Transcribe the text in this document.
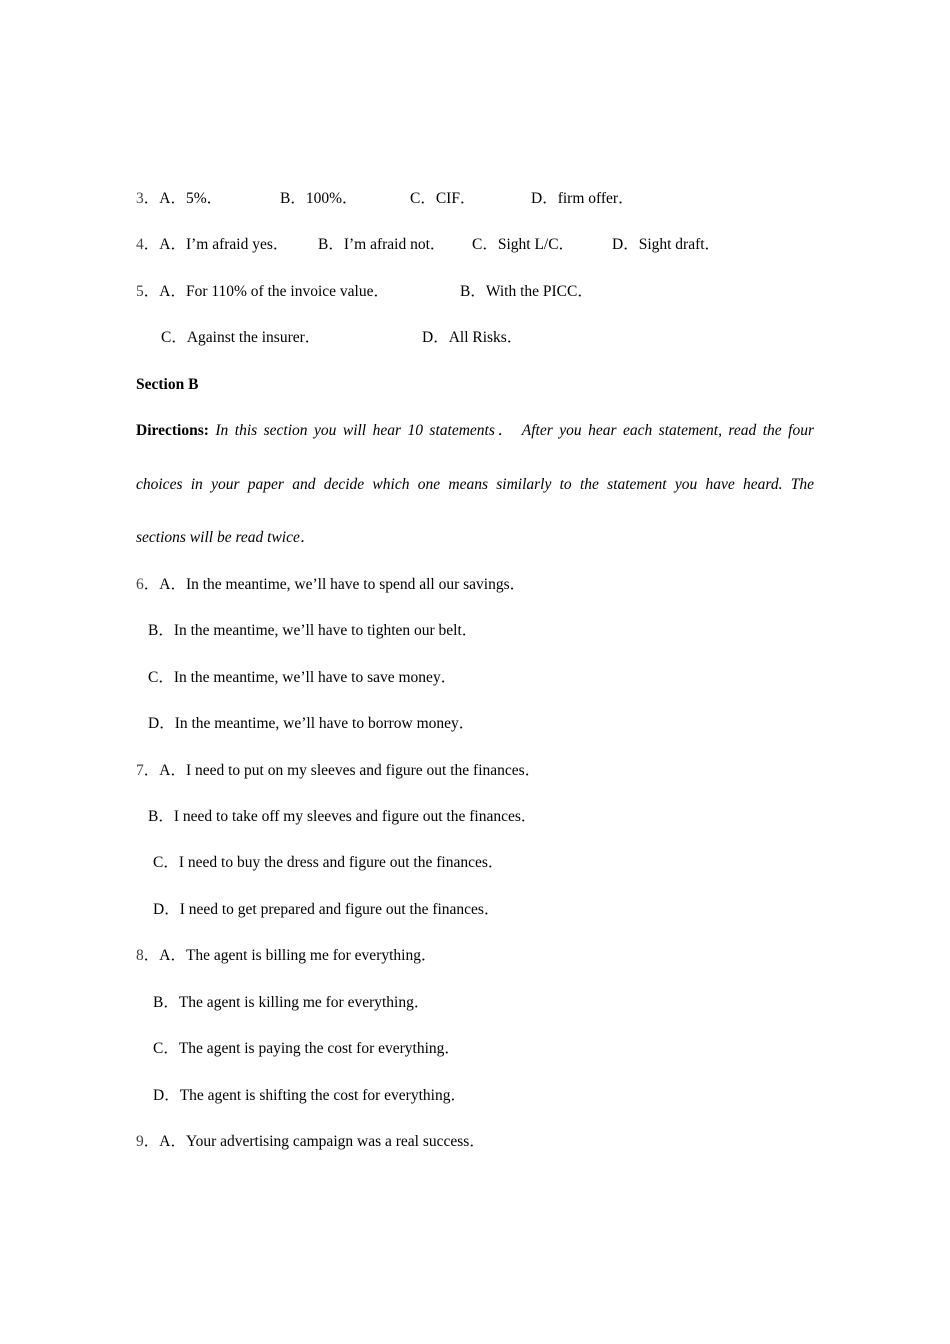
3．A．5%．	B．100%．	C．CIF．	D．firm offer．
4．A．I’m afraid yes． B．I’m afraid not． C．Sight L/C． D．Sight draft．
5．A．For 110% of the invoice value．	B．With the PICC．
C．Against the insurer．	D．All Risks．
Section B
Directions: In this section you will hear 10 statements． After you hear each statement, read the four
choices in your paper and decide which one means similarly to the statement you have heard. The
sections will be read twice．
6．A．In the meantime, we’ll have to spend all our savings．
B．In the meantime, we’ll have to tighten our belt．
C．In the meantime, we’ll have to save money．
D．In the meantime, we’ll have to borrow money．
7．A．I need to put on my sleeves and figure out the finances．
B．I need to take off my sleeves and figure out the finances．
C．I need to buy the dress and figure out the finances．
D．I need to get prepared and figure out the finances．
8．A．The agent is billing me for everything．
B．The agent is killing me for everything．
C．The agent is paying the cost for everything．
D．The agent is shifting the cost for everything．
9．A．Your advertising campaign was a real success．
